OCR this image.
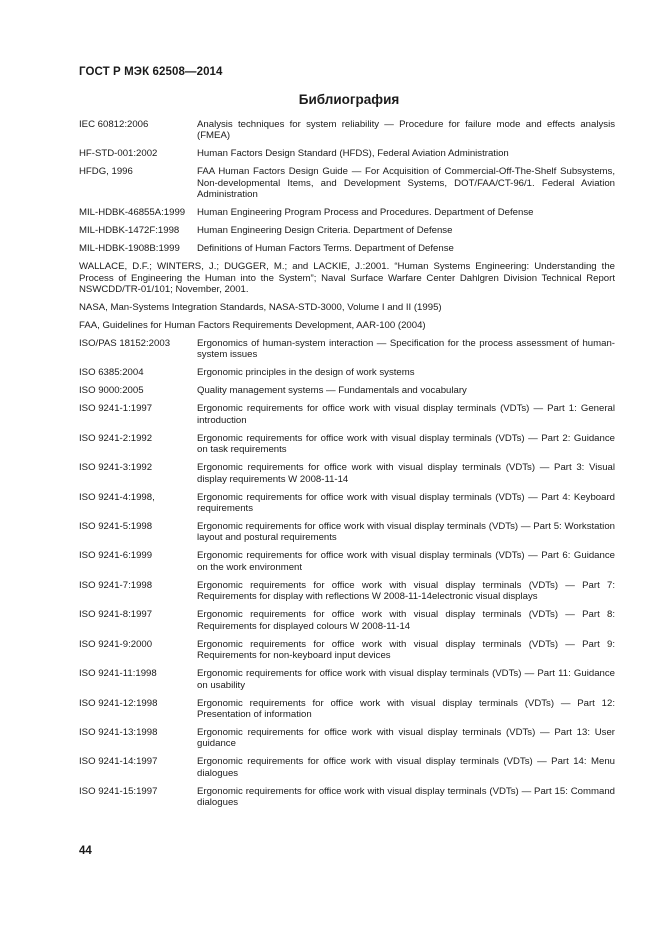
ГОСТ Р МЭК 62508—2014
Библиография
IEC 60812:2006	Analysis techniques for system reliability — Procedure for failure mode and effects analysis (FMEA)
HF-STD-001:2002	Human Factors Design Standard (HFDS), Federal Aviation Administration
HFDG, 1996	FAA Human Factors Design Guide — For Acquisition of Commercial-Off-The-Shelf Subsystems, Non-developmental Items, and Development Systems, DOT/FAA/CT-96/1. Federal Aviation Administration
MIL-HDBK-46855A:1999	Human Engineering Program Process and Procedures. Department of Defense
MIL-HDBK-1472F:1998	Human Engineering Design Criteria. Department of Defense
MIL-HDBK-1908B:1999	Definitions of Human Factors Terms. Department of Defense
WALLACE, D.F.; WINTERS, J.; DUGGER, M.; and LACKIE, J.:2001. “Human Systems Engineering: Understanding the Process of Engineering the Human into the System”; Naval Surface Warfare Center Dahlgren Division Technical Report NSWCDD/TR-01/101; November, 2001.
NASA, Man-Systems Integration Standards, NASA-STD-3000, Volume I and II (1995)
FAA, Guidelines for Human Factors Requirements Development, AAR-100 (2004)
ISO/PAS 18152:2003	Ergonomics of human-system interaction — Specification for the process assessment of human-system issues
ISO 6385:2004	Ergonomic principles in the design of work systems
ISO 9000:2005	Quality management systems — Fundamentals and vocabulary
ISO 9241-1:1997	Ergonomic requirements for office work with visual display terminals (VDTs) — Part 1: General introduction
ISO 9241-2:1992	Ergonomic requirements for office work with visual display terminals (VDTs) — Part 2: Guidance on task requirements
ISO 9241-3:1992	Ergonomic requirements for office work with visual display terminals (VDTs) — Part 3: Visual display requirements W 2008-11-14
ISO 9241-4:1998,	Ergonomic requirements for office work with visual display terminals (VDTs) — Part 4: Keyboard requirements
ISO 9241-5:1998	Ergonomic requirements for office work with visual display terminals (VDTs) — Part 5: Workstation layout and postural requirements
ISO 9241-6:1999	Ergonomic requirements for office work with visual display terminals (VDTs) — Part 6: Guidance on the work environment
ISO 9241-7:1998	Ergonomic requirements for office work with visual display terminals (VDTs) — Part 7: Requirements for display with reflections W 2008-11-14electronic visual displays
ISO 9241-8:1997	Ergonomic requirements for office work with visual display terminals (VDTs) — Part 8: Requirements for displayed colours W 2008-11-14
ISO 9241-9:2000	Ergonomic requirements for office work with visual display terminals (VDTs) — Part 9: Requirements for non-keyboard input devices
ISO 9241-11:1998	Ergonomic requirements for office work with visual display terminals (VDTs) — Part 11: Guidance on usability
ISO 9241-12:1998	Ergonomic requirements for office work with visual display terminals (VDTs) — Part 12: Presentation of information
ISO 9241-13:1998	Ergonomic requirements for office work with visual display terminals (VDTs) — Part 13: User guidance
ISO 9241-14:1997	Ergonomic requirements for office work with visual display terminals (VDTs) — Part 14: Menu dialogues
ISO 9241-15:1997	Ergonomic requirements for office work with visual display terminals (VDTs) — Part 15: Command dialogues
44
